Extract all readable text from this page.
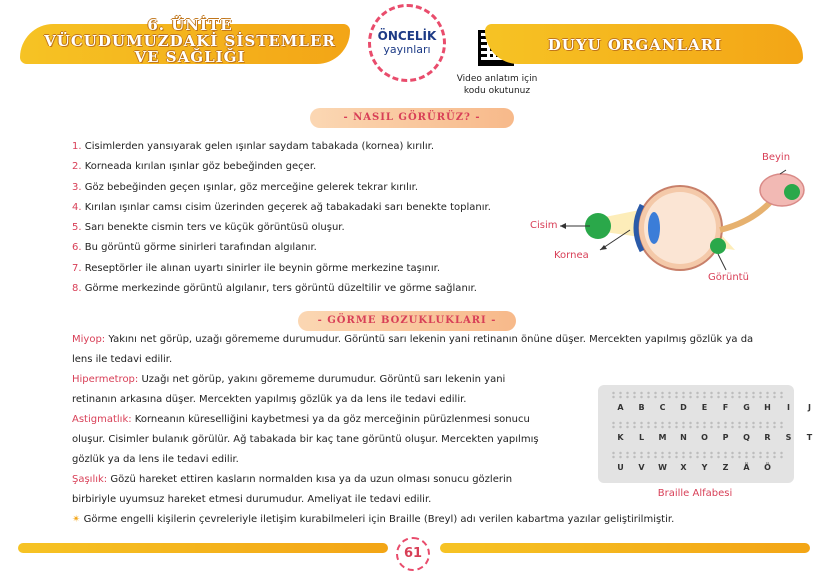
6. ÜNİTE
VÜCUDUMUZDAKİ SİSTEMLER
VE SAĞLIĞI
ÖNCELİK
yayınları
Video anlatım için
kodu okutunuz
DUYU ORGANLARI
- NASIL GÖRÜRÜZ? -
1. Cisimlerden yansıyarak gelen ışınlar saydam tabakada (kornea) kırılır.
2. Korneada kırılan ışınlar göz bebeğinden geçer.
3. Göz bebeğinden geçen ışınlar, göz merceğine gelerek tekrar kırılır.
4. Kırılan ışınlar camsı cisim üzerinden geçerek ağ tabakadaki sarı benekte toplanır.
5. Sarı benekte cismin ters ve küçük görüntüsü oluşur.
6. Bu görüntü görme sinirleri tarafından algılanır.
7. Reseptörler ile alınan uyartı sinirler ile beynin görme merkezine taşınır.
8. Görme merkezinde görüntü algılanır, ters görüntü düzeltilir ve görme sağlanır.
Beyin
Cisim
Kornea
Görüntü
- GÖRME BOZUKLUKLARI -
Miyop: Yakını net görüp, uzağı görememe durumudur. Görüntü sarı lekenin yani retinanın önüne düşer. Mercekten yapılmış gözlük ya da
lens ile tedavi edilir.
Hipermetrop: Uzağı net görüp, yakını görememe durumudur. Görüntü sarı lekenin yani
retinanın arkasına düşer. Mercekten yapılmış gözlük ya da lens ile tedavi edilir.
Astigmatlık: Korneanın küreselliğini kaybetmesi ya da göz merceğinin pürüzlenmesi sonucu
oluşur. Cisimler bulanık görülür. Ağ tabakada bir kaç tane görüntü oluşur. Mercekten yapılmış
gözlük ya da lens ile tedavi edilir.
Şaşılık: Gözü hareket ettiren kasların normalden kısa ya da uzun olması sonucu gözlerin
birbiriyle uyumsuz hareket etmesi durumudur. Ameliyat ile tedavi edilir.
A	B	C	D	E	F	G	H	I	J
K	L	M	N	O	P	Q	R	S	T
U	V	W	X	Y	Z	Ä	Ö
Braille Alfabesi
✴ Görme engelli kişilerin çevreleriyle iletişim kurabilmeleri için Braille (Breyl) adı verilen kabartma yazılar geliştirilmiştir.
61
